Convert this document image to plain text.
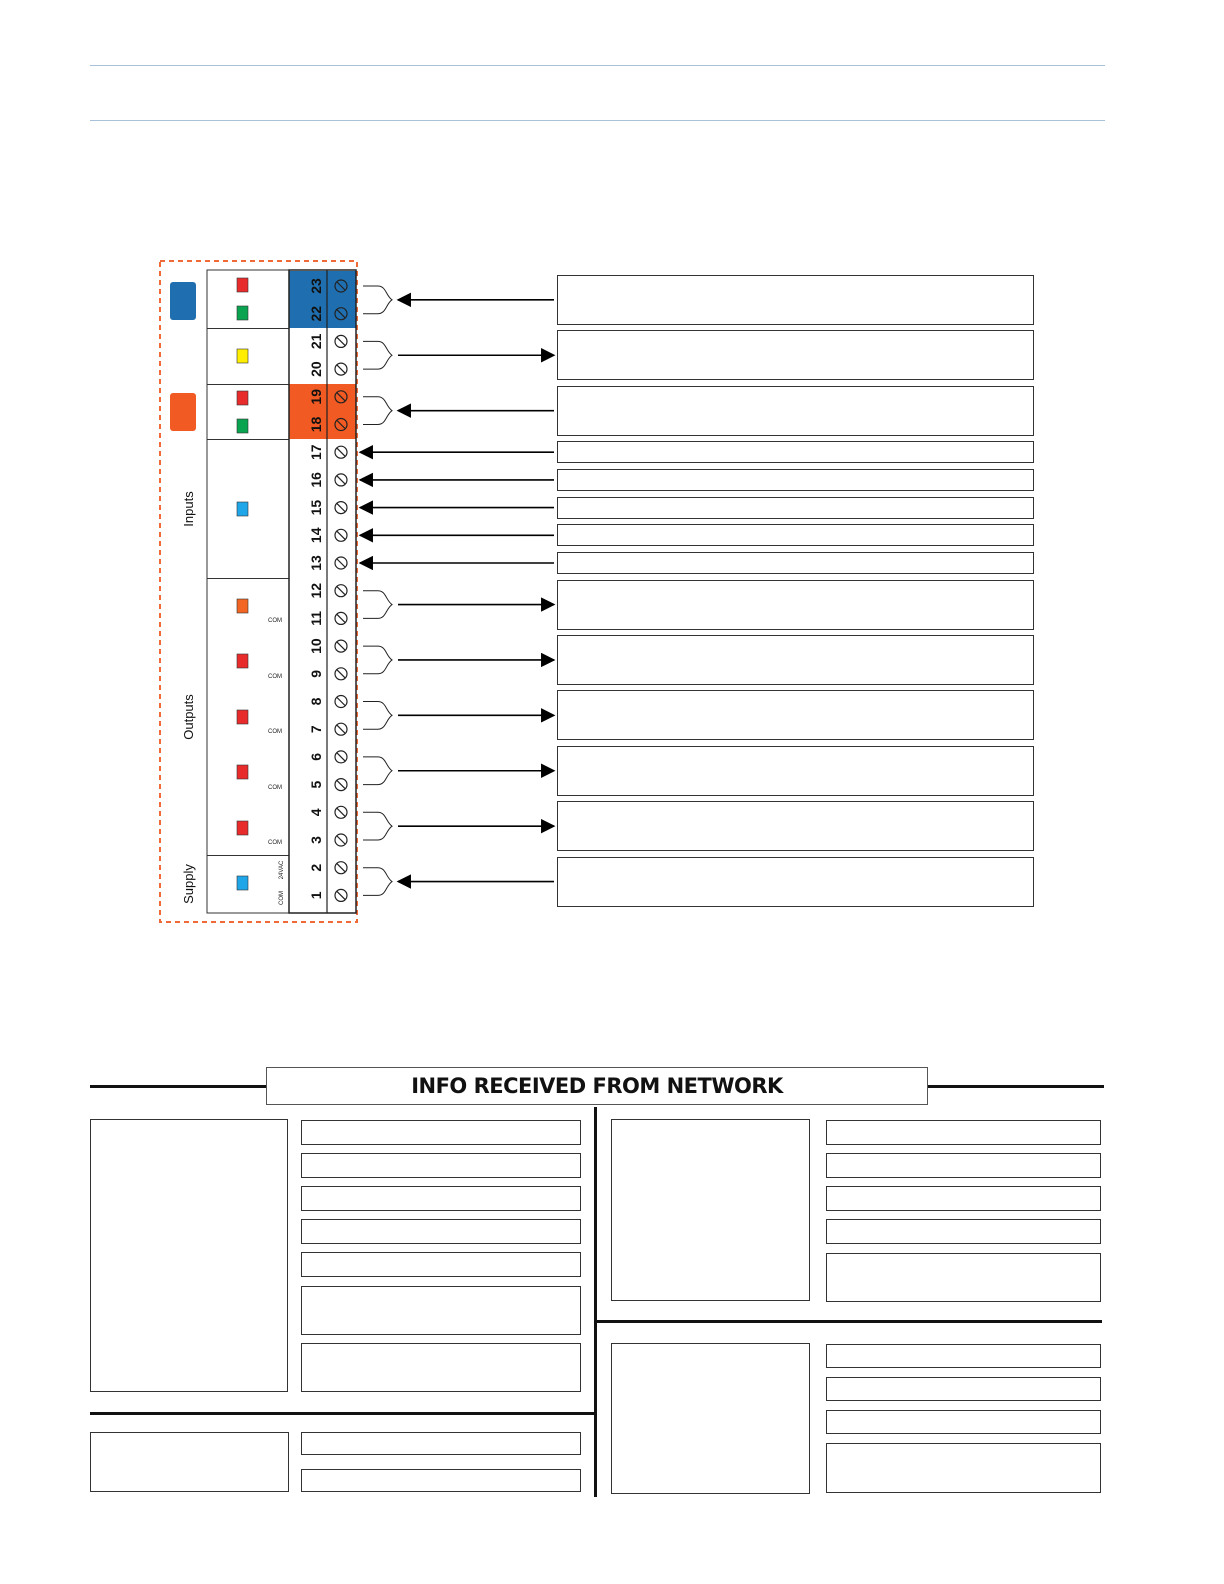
Inputs
Outputs
Supply
COM
COM
COM
COM
COM
24VAC
COM
23
22
21
20
19
18
17
16
15
14
13
12
11
10
9
8
7
6
5
4
3
2
1
INFO RECEIVED FROM NETWORK
